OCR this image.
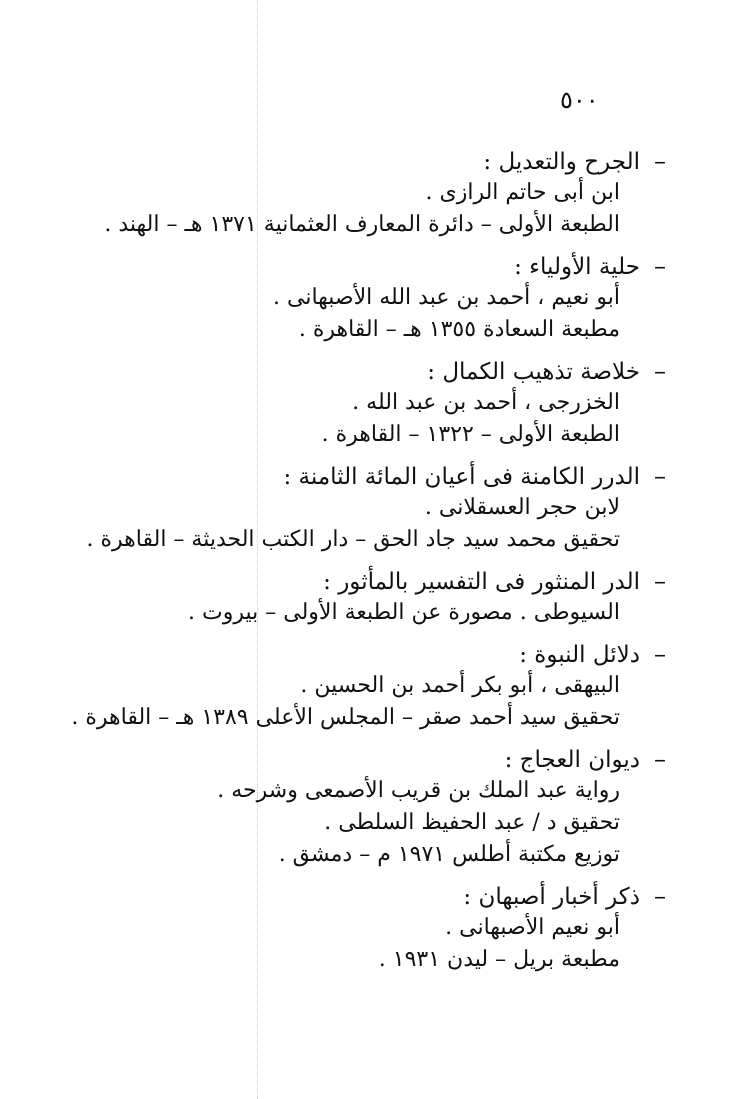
٥٠٠
–
الجرح والتعديل :
ابن أبى حاتم الرازى .
الطبعة الأولى – دائرة المعارف العثمانية ١٣٧١ هـ – الهند .
–
حلية الأولياء :
أبو نعيم ، أحمد بن عبد الله الأصبهانى .
مطبعة السعادة ١٣٥٥ هـ – القاهرة .
–
خلاصة تذهيب الكمال :
الخزرجى ، أحمد بن عبد الله .
الطبعة الأولى – ١٣٢٢ – القاهرة .
–
الدرر الكامنة فى أعيان المائة الثامنة :
لابن حجر العسقلانى .
تحقيق محمد سيد جاد الحق – دار الكتب الحديثة – القاهرة .
–
الدر المنثور فى التفسير بالمأثور :
السيوطى . مصورة عن الطبعة الأولى – بيروت .
–
دلائل النبوة :
البيهقى ، أبو بكر أحمد بن الحسين .
تحقيق سيد أحمد صقر – المجلس الأعلى ١٣٨٩ هـ – القاهرة .
–
ديوان العجاج :
رواية عبد الملك بن قريب الأصمعى وشرحه .
تحقيق د / عبد الحفيظ السلطى .
توزيع مكتبة أطلس ١٩٧١ م – دمشق .
–
ذكر أخبار أصبهان :
أبو نعيم الأصبهانى .
مطبعة بريل – ليدن ١٩٣١ .
